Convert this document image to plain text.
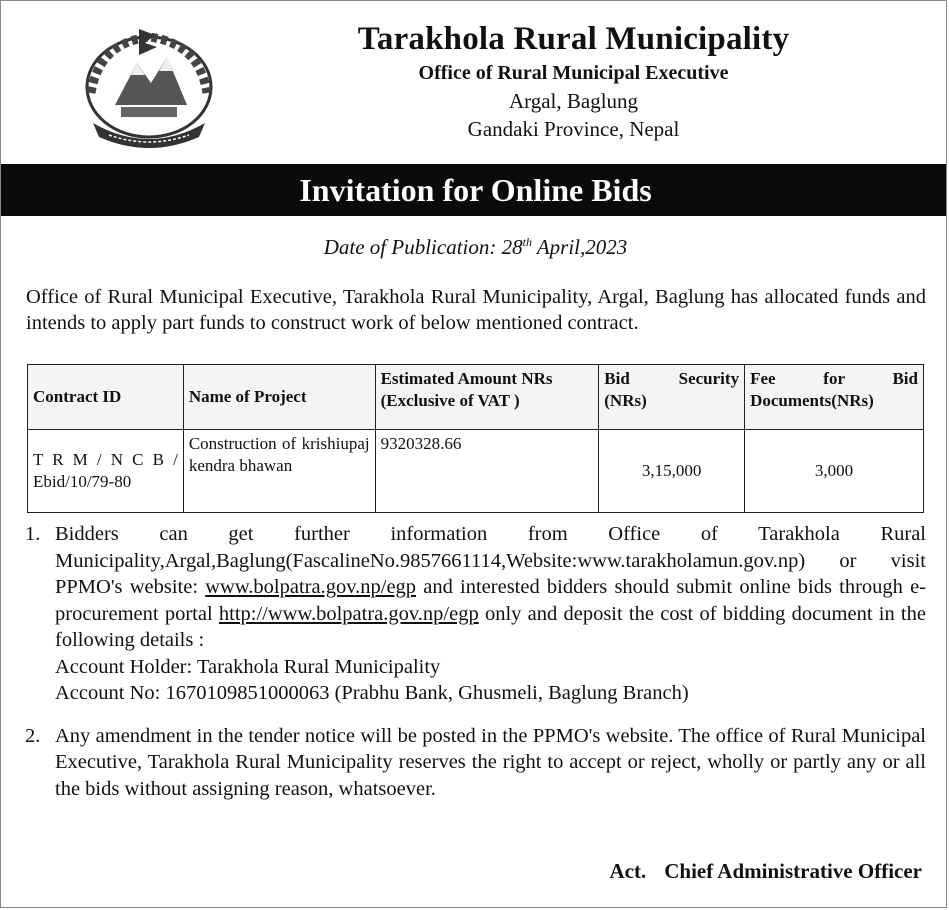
Tarakhola Rural Municipality
Office of Rural Municipal Executive
Argal, Baglung
Gandaki Province, Nepal
Invitation for Online Bids
Date of Publication: 28th April,2023
Office of Rural Municipal Executive, Tarakhola Rural Municipality, Argal, Baglung has allocated funds and intends to apply part funds to construct work of below mentioned contract.
Contract ID	Name of Project	Estimated Amount NRs (Exclusive of VAT )	Bid Security (NRs)	Fee for Bid Documents(NRs)
T R M / N C B / Ebid/10/79-80	Construction of krishiupaj kendra bhawan	9320328.66	3,15,000	3,000
1. Bidders can get further information from Office of Tarakhola Rural Municipality,Argal,Baglung(FascalineNo.9857661114,Website:www.tarakholamun.gov.np) or visit PPMO's website: www.bolpatra.gov.np/egp and interested bidders should submit online bids through e-procurement portal http://www.bolpatra.gov.np/egp only and deposit the cost of bidding document in the following details :
Account Holder: Tarakhola Rural Municipality
Account No: 1670109851000063 (Prabhu Bank, Ghusmeli, Baglung Branch)
2. Any amendment in the tender notice will be posted in the PPMO's website. The office of Rural Municipal Executive, Tarakhola Rural Municipality reserves the right to accept or reject, wholly or partly any or all the bids without assigning reason, whatsoever.
Act. Chief Administrative Officer
